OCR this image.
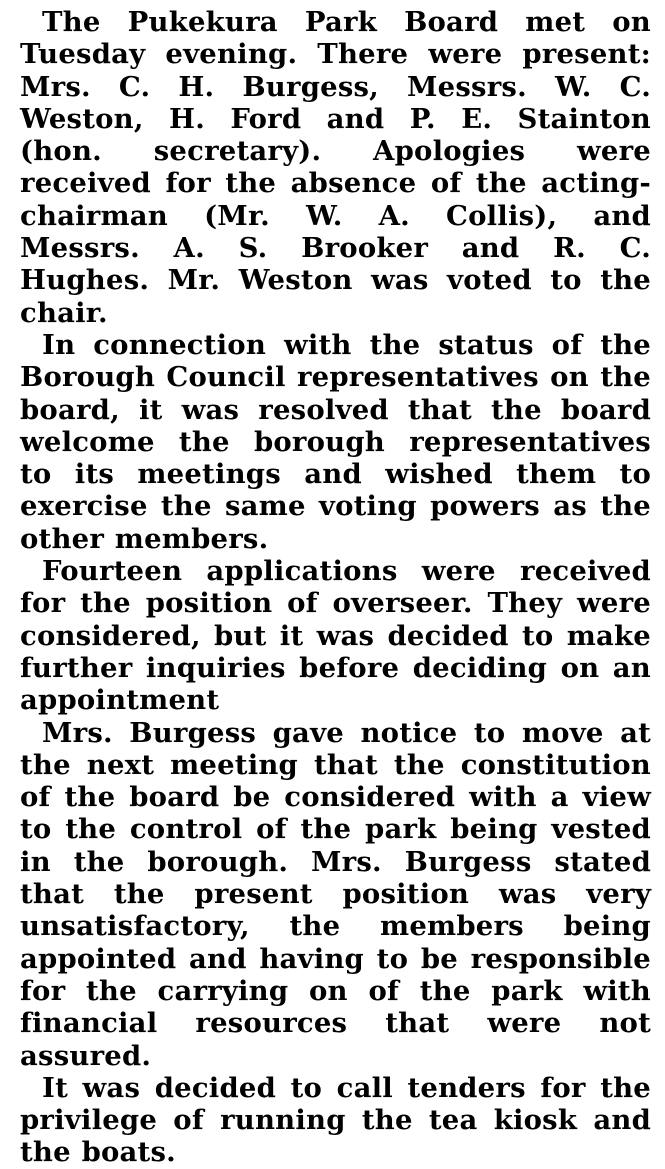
The Pukekura Park Board met on Tuesday evening. There were present: Mrs. C. H. Burgess, Messrs. W. C. Weston, H. Ford and P. E. Stainton (hon. secretary). Apologies were received for the absence of the acting-chairman (Mr. W. A. Collis), and Messrs. A. S. Brooker and R. C. Hughes. Mr. Weston was voted to the chair.

In connection with the status of the Borough Council representatives on the board, it was resolved that the board welcome the borough representatives to its meetings and wished them to exercise the same voting powers as the other members.

Fourteen applications were received for the position of overseer. They were considered, but it was decided to make further inquiries before deciding on an appointment

Mrs. Burgess gave notice to move at the next meeting that the constitution of the board be considered with a view to the control of the park being vested in the borough. Mrs. Burgess stated that the present position was very unsatisfactory, the members being appointed and having to be responsible for the carrying on of the park with financial resources that were not assured.

It was decided to call tenders for the privilege of running the tea kiosk and the boats.
